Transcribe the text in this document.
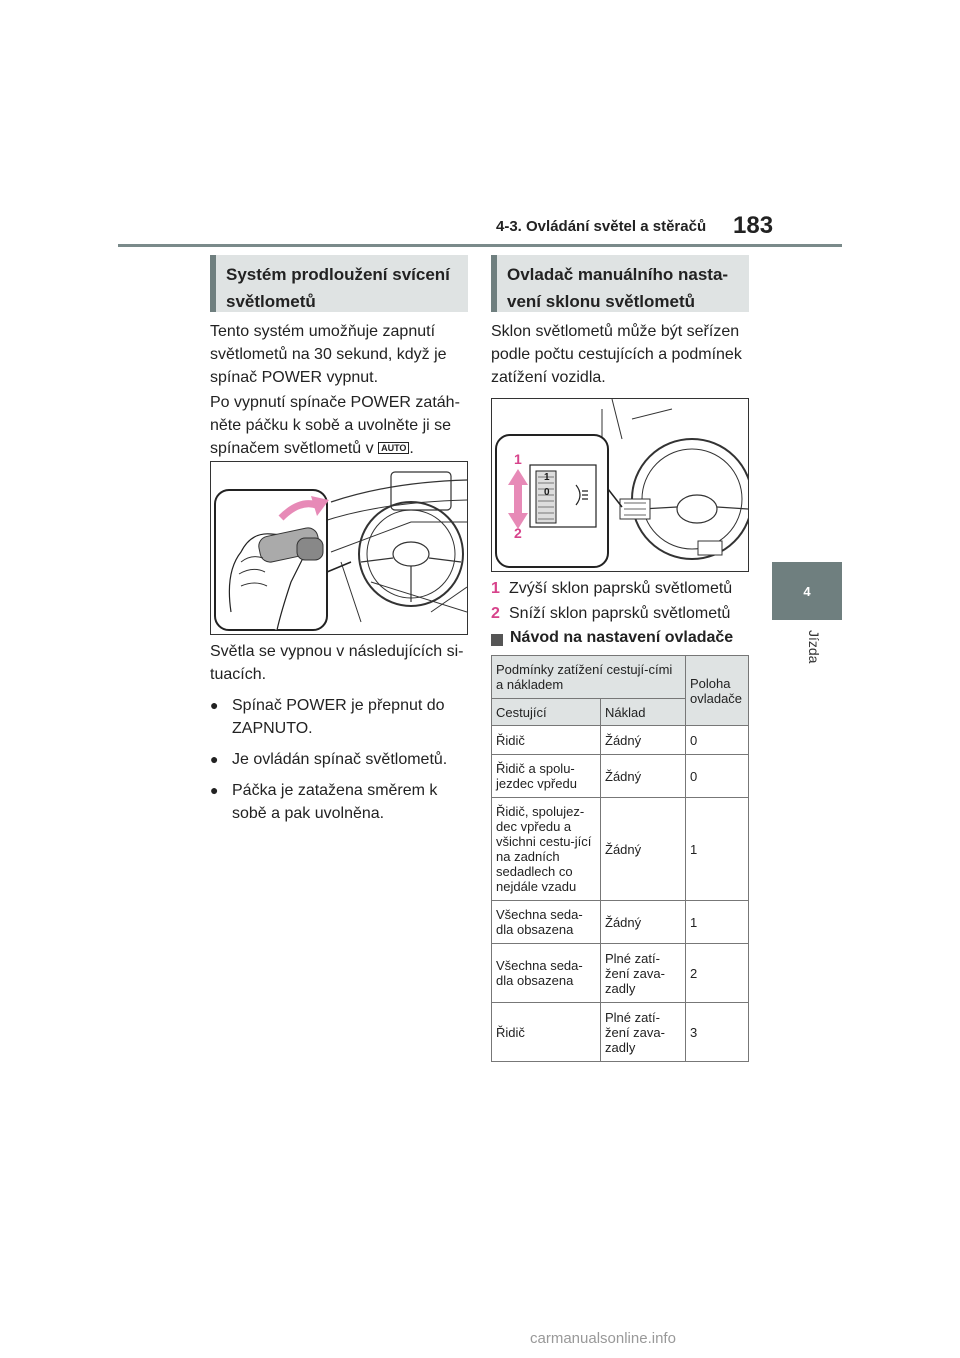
4-3. Ovládání světel a stěračů 183
4
Jízda
Systém prodloužení svícení světlometů

Tento systém umožňuje zapnutí světlometů na 30 sekund, když je spínač POWER vypnut.

Po vypnutí spínače POWER zatáh-něte páčku k sobě a uvolněte ji se spínačem světlometů v AUTO .

Světla se vypnou v následujících si-tuacích.

● Spínač POWER je přepnut do ZAPNUTO.
● Je ovládán spínač světlometů.
● Páčka je zatažena směrem k sobě a pak uvolněna.
Ovladač manuálního nasta-vení sklonu světlometů

Sklon světlometů může být seřízen podle počtu cestujících a podmínek zatížení vozidla.

1
2
1
0
1 Zvýší sklon paprsků světlometů
2 Sníží sklon paprsků světlometů
Návod na nastavení ovladače
Podmínky zatížení cestují-cími a nákladem		Poloha ovladače
Cestující	Náklad	
Řidič	Žádný	0
Řidič a spolu-jezdec vpředu	Žádný	0
Řidič, spolujez-dec vpředu a všichni cestu-jící na zadních sedadlech co nejdále vzadu	Žádný	1
Všechna seda-dla obsazena	Žádný	1
Všechna seda-dla obsazena	Plné zatí-žení zava-zadly	2
Řidič	Plné zatí-žení zava-zadly	3
carmanualsonline.info
